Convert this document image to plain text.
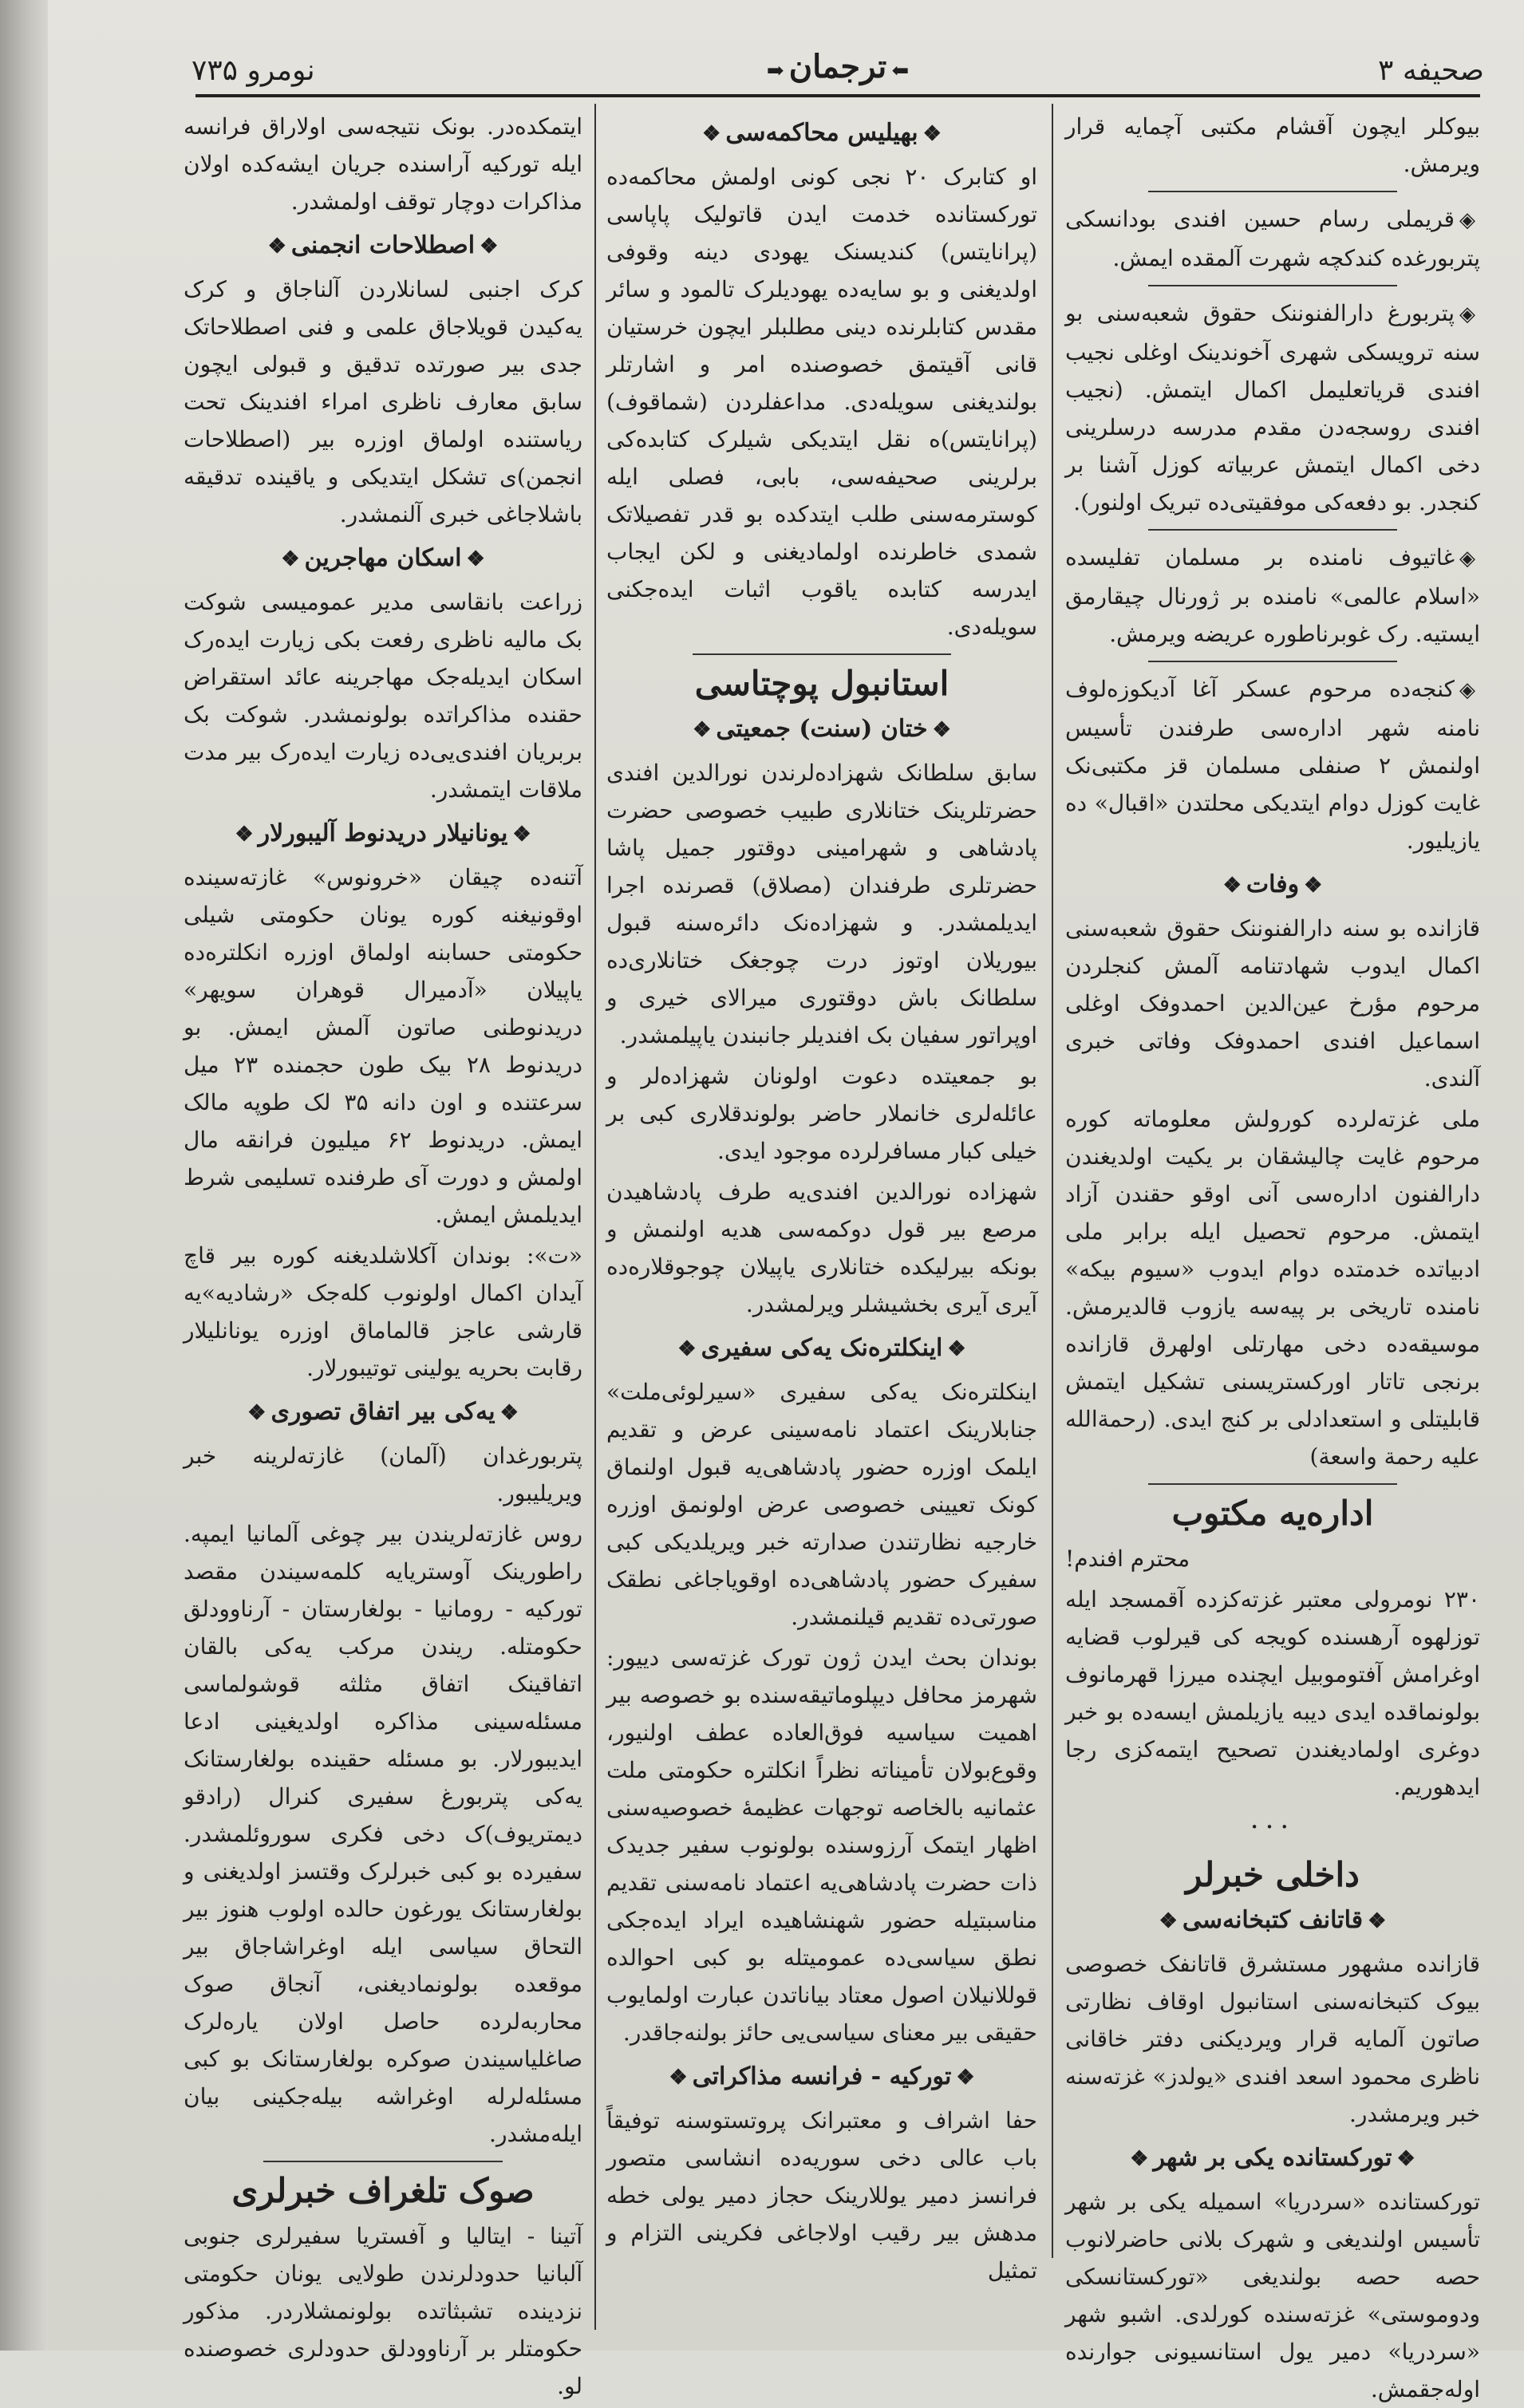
صحیفه ۳
⬅ترجمان➡
نومرو ۷۳۵

بیوکلر ایچون آقشام مکتبی آچمایه قرار ویرمش.

◈قریملی رسام حسین افندی بودانسکی پتربورغده کندکچه شهرت آلمقده ایمش.

◈پتربورغ دارالفنوننک حقوق شعبه‌سنی بو سنه ترویسکی شهری آخوندینک اوغلی نجیب افندی قریاتعلیمل اکمال ایتمش. (نجیب افندی روسجه‌دن مقدم مدرسه درسلرینی دخی اکمال ایتمش عربیاته کوزل آشنا بر کنجدر. بو دفعه‌کی موفقیتی‌ده تبریک اولنور).

◈غاتیوف نامنده بر مسلمان تفلیسده «اسلام عالمی» نامنده بر ژورنال چیقارمق ایستیه. رک غوبرناطوره عریضه ویرمش.

◈کنجه‌ده مرحوم عسکر آغا آدیکوزه‌لوف نامنه شهر اداره‌سی طرفندن تأسیس اولنمش ۲ صنفلی مسلمان قز مکتبی‌نک غایت کوزل دوام ایتدیکی محلتدن «اقبال» ده یازیلیور.

❖وفات❖

قازانده بو سنه دارالفنوننک حقوق شعبه‌سنی اکمال ایدوب شهادتنامه آلمش کنجلردن مرحوم مؤرخ عین‌الدین احمدوفک اوغلی اسماعیل افندی احمدوفک وفاتی خبری آلندی.

ملی غزته‌لرده کورولش معلوماته کوره مرحوم غایت چالیشقان بر یکیت اولدیغندن دارالفنون اداره‌سی آنی اوقو حقندن آزاد ایتمش. مرحوم تحصیل ایله برابر ملی ادبیاتده خدمتده دوام ایدوب «سیوم بیکه» نامنده تاریخی بر پیه‌سه یازوب قالدیرمش. موسیقه‌ده دخی مهارتلی اولهرق قازانده برنجی تاتار اورکستریسنی تشکیل ایتمش قابلیتلی و استعدادلی بر کنج ایدی. (رحمة‌الله علیه رحمة واسعة)

اداره‌یه مکتوب

محترم افندم!

۲۳۰ نومرولی معتبر غزته‌کزده آقمسجد ایله توزلهوه آرهسنده کویجه کی قیرلوب قضایه اوغرامش آفتوموبیل ایچنده میرزا قهرمانوف بولونماقده ایدی دیبه یازیلمش ایسه‌ده بو خبر دوغری اولمادیغندن تصحیح ایتمه‌کزی رجا ایدهوریم.

···
داخلی خبرلر
❖قاتانف کتبخانه‌سی❖

قازانده مشهور مستشرق قاتانفک خصوصی بیوک کتبخانه‌سنی استانبول اوقاف نظارتی صاتون آلمایه قرار ویردیکنی دفتر خاقانی ناظری محمود اسعد افندی «یولدز» غزته‌سنه خبر ویرمشدر.

❖تورکستانده یکی بر شهر❖

تورکستانده «سردریا» اسمیله یکی بر شهر تأسیس اولندیغی و شهرک بلانی حاضرلانوب حصه حصه بولندیغی «تورکستانسکی ودوموستی» غزته‌سنده کورلدی. اشبو شهر «سردریا» دمیر یول استانسیونی جوارنده اوله‌جقمش.

❖بهیلیس محاکمه‌سی❖

او کتابرک ۲۰ نجی کونی اولمش محاکمه‌ده تورکستانده خدمت ایدن قاتولیک پاپاسی (پرانایتس) کندیسنک یهودی دینه وقوفی اولدیغنی و بو سایه‌ده یهودیلرک تالمود و سائر مقدس کتابلرنده دینی مطلبلر ایچون خرستیان قانی آقیتمق خصوصنده امر و اشارتلر بولندیغنی سویله‌دی. مداعفلردن (شماقوف) (پرانایتس)ه نقل ایتدیکی شیلرک کتابده‌کی برلرینی صحیفه‌سی، بابی، فصلی ایله کوسترمه‌سنی طلب ایتدکده بو قدر تفصیلاتک شمدی خاطرنده اولمادیغنی و لکن ایجاب ایدرسه کتابده یاقوب اثبات ایده‌جکنی سویله‌دی.

استانبول پوچتاسی
❖ختان (سنت) جمعیتی❖

سابق سلطانک شهزاده‌لرندن نورالدین افندی حضرتلرینک ختانلاری طبیب خصوصی حضرت پادشاهی و شهرامینی دوقتور جمیل پاشا حضرتلری طرفندان (مصلاق) قصرنده اجرا ایدیلمشدر. و شهزاده‌نک دائره‌سنه قبول بیوریلان اوتوز درت چوجغک ختانلاری‌ده سلطانک باش دوقتوری میرالای خیری و اوپراتور سفیان بک افندیلر جانبندن یاپیلمشدر.

بو جمعیتده دعوت اولونان شهزاده‌لر و عائله‌لری خانملار حاضر بولوندقلاری کبی بر خیلی کبار مسافرلرده موجود ایدی.

شهزاده نورالدین افندی‌یه طرف پادشاهیدن مرصع بیر قول دوکمه‌سی هدیه اولنمش و بونکه بیرلیکده ختانلاری یاپیلان چوجوقلاره‌ده آیری آیری بخشیشلر ویرلمشدر.

❖اینکلتره‌نک یه‌کی سفیری❖

اینکلتره‌نک یه‌کی سفیری «سیرلوئی‌ملت» جنابلارینک اعتماد نامه‌سینی عرض و تقدیم ایلمک اوزره حضور پادشاهی‌یه قبول اولنماق کونک تعیینی خصوصی عرض اولونمق اوزره خارجیه نظارتندن صدارته خبر ویریلدیکی کبی سفیرک حضور پادشاهی‌ده اوقویاجاغی نطقک صورتی‌ده تقدیم قیلنمشدر.

بوندان بحث ایدن ژون تورک غزته‌سی دییور: شهرمز محافل دیپلوماتیقه‌سنده بو خصوصه بیر اهمیت سیاسیه فوق‌العاده عطف اولنیور، وقوع‌بولان تأمیناته نظراً انکلتره حکومتی ملت عثمانیه بالخاصه توجهات عظیمهٔ خصوصیه‌سنی اظهار ایتمک آرزوسنده بولونوب سفیر جدیدک ذات حضرت پادشاهی‌یه اعتماد نامه‌سنی تقدیم مناسبتیله حضور شهنشاهیده ایراد ایده‌جکی نطق سیاسی‌ده عمومیتله بو کبی احوالده قوللانیلان اصول معتاد بیاناتدن عبارت اولمایوب حقیقی بیر معنای سیاسی‌یی حائز بولنه‌جاقدر.

❖تورکیه - فرانسه مذاکراتی❖

حفا اشراف و معتبرانک پروتستوسنه توفیقاً باب عالی دخی سوریه‌ده انشاسی متصور فرانسز دمیر یوللارینک حجاز دمیر یولی خطه مدهش بیر رقیب اولاجاغی فکرینی التزام و تمثیل

ایتمکده‌در. بونک نتیجه‌سی اولاراق فرانسه ایله تورکیه آراسنده جریان ایشه‌کده اولان مذاکرات دوچار توقف اولمشدر.

❖اصطلاحات انجمنی❖

کرک اجنبی لسانلاردن آلناجاق و کرک یه‌کیدن قویلاجاق علمی و فنی اصطلاحاتک جدی بیر صورتده تدقیق و قبولی ایچون سابق معارف ناظری امراء افندینک تحت ریاستنده اولماق اوزره بیر (اصطلاحات انجمن)ی تشکل ایتدیکی و یاقینده تدقیقه باشلاجاغی خبری آلنمشدر.

❖اسکان مهاجرین❖

زراعت بانقاسی مدیر عمومیسی شوکت بک مالیه ناظری رفعت بکی زیارت ایده‌رک اسکان ایدیله‌جک مهاجرینه عائد استقراض حقنده مذاکراتده بولونمشدر. شوکت بک بربریان افندی‌یی‌ده زیارت ایده‌رک بیر مدت ملاقات ایتمشدر.

❖یونانیلار دریدنوط آلیبورلار❖

آتنه‌ده چیقان «خرونوس» غازته‌سینده اوقونیغنه کوره یونان حکومتی شیلی حکومتی حسابنه اولماق اوزره انکلتره‌ده یاپیلان «آدمیرال قوهران سویهر» دریدنوطنی صاتون آلمش ایمش. بو دریدنوط ۲۸ بیک طون حجمنده ۲۳ میل سرعتنده و اون دانه ۳۵ لک طوپه مالک ایمش. دریدنوط ۶۲ میلیون فرانقه مال اولمش و دورت آی طرفنده تسلیمی شرط ایدیلمش ایمش.

«ت»: بوندان آکلاشلدیغنه کوره بیر قاچ آیدان اکمال اولونوب کله‌جک «رشادیه»یه قارشی عاجز قالماماق اوزره یونانلیلار رقابت بحریه یولینی توتیبورلار.

❖یه‌کی بیر اتفاق تصوری❖

پتربورغدان (آلمان) غازته‌لرینه خبر ویریلیبور.

روس غازته‌لریندن بیر چوغی آلمانیا ایمپه. راطورینک آوستریایه کلمه‌سیندن مقصد تورکیه - رومانیا - بولغارستان - آرناوودلق حکومتله. ریندن مرکب یه‌کی بالقان اتفاقینک اتفاق مثلثه قوشولماسی مسئله‌سینی مذاکره اولدیغینی ادعا ایدیبورلار. بو مسئله حقینده بولغارستانک یه‌کی پتربورغ سفیری کنرال (رادقو دیمتریوف)ک دخی فکری سوروئلمشدر. سفیرده بو کبی خبرلرک وقتسز اولدیغنی و بولغارستانک یورغون حالده اولوب هنوز بیر التحاق سیاسی ایله اوغراشاجاق بیر موقعده بولونمادیغنی، آنجاق صوک محاربه‌لرده حاصل اولان یاره‌لرک صاغلیاسیندن صوکره بولغارستانک بو کبی مسئله‌لرله اوغراشه بیله‌جکینی بیان ایله‌مشدر.

صوک تلغراف خبرلری

آتینا - ایتالیا و آفستریا سفیرلری جنوبی آلبانیا حدودلرندن طولایی یونان حکومتی نزدینده تشبثاتده بولونمشلاردر. مذکور حکومتلر بر آرناوودلق حدودلری خصوصنده لو.
